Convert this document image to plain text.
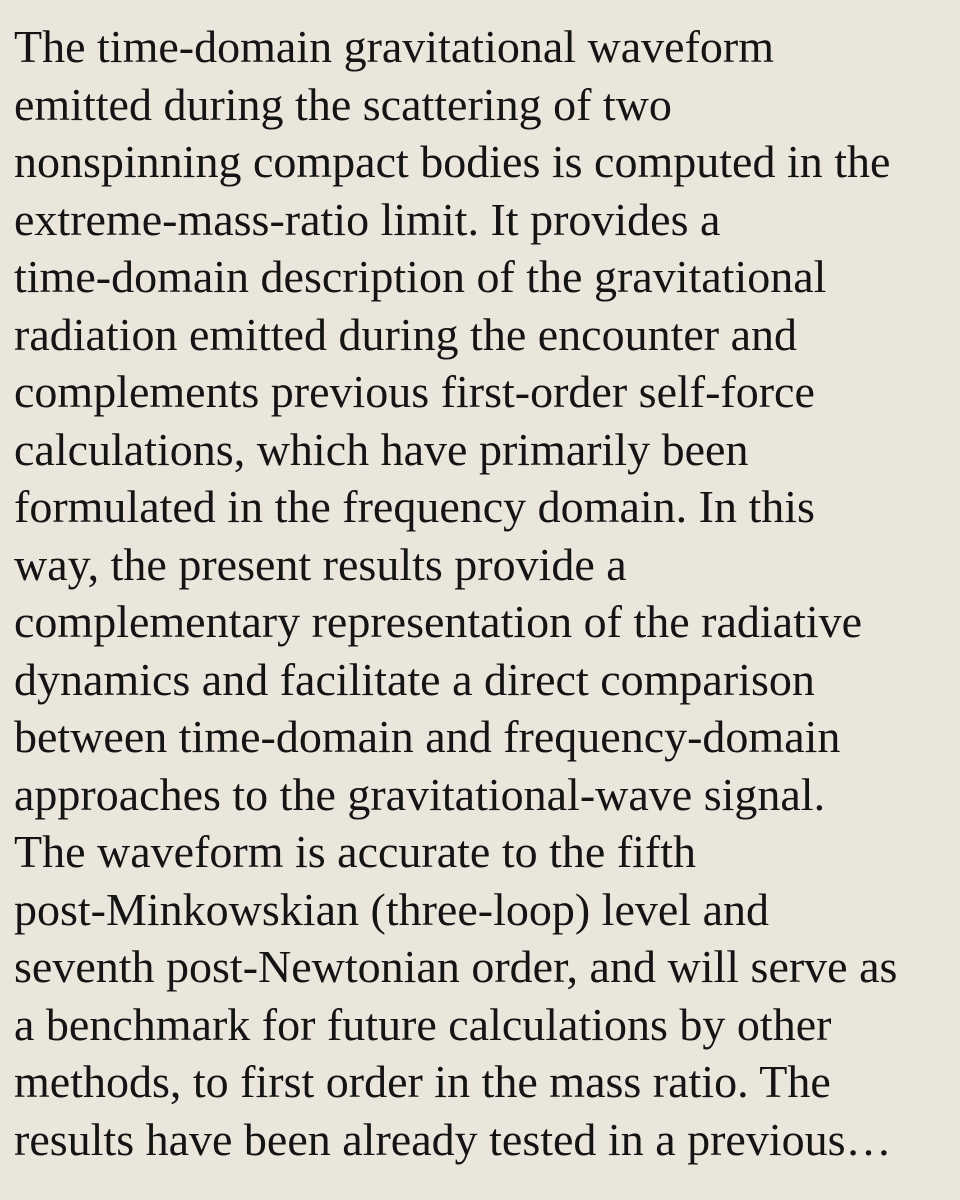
The time-domain gravitational waveform
emitted during the scattering of two
nonspinning compact bodies is computed in the
extreme-mass-ratio limit. It provides a
time-domain description of the gravitational
radiation emitted during the encounter and
complements previous first-order self-force
calculations, which have primarily been
formulated in the frequency domain. In this
way, the present results provide a
complementary representation of the radiative
dynamics and facilitate a direct comparison
between time-domain and frequency-domain
approaches to the gravitational-wave signal.
The waveform is accurate to the fifth
post-Minkowskian (three-loop) level and
seventh post-Newtonian order, and will serve as
a benchmark for future calculations by other
methods, to first order in the mass ratio. The
results have been already tested in a previous…
